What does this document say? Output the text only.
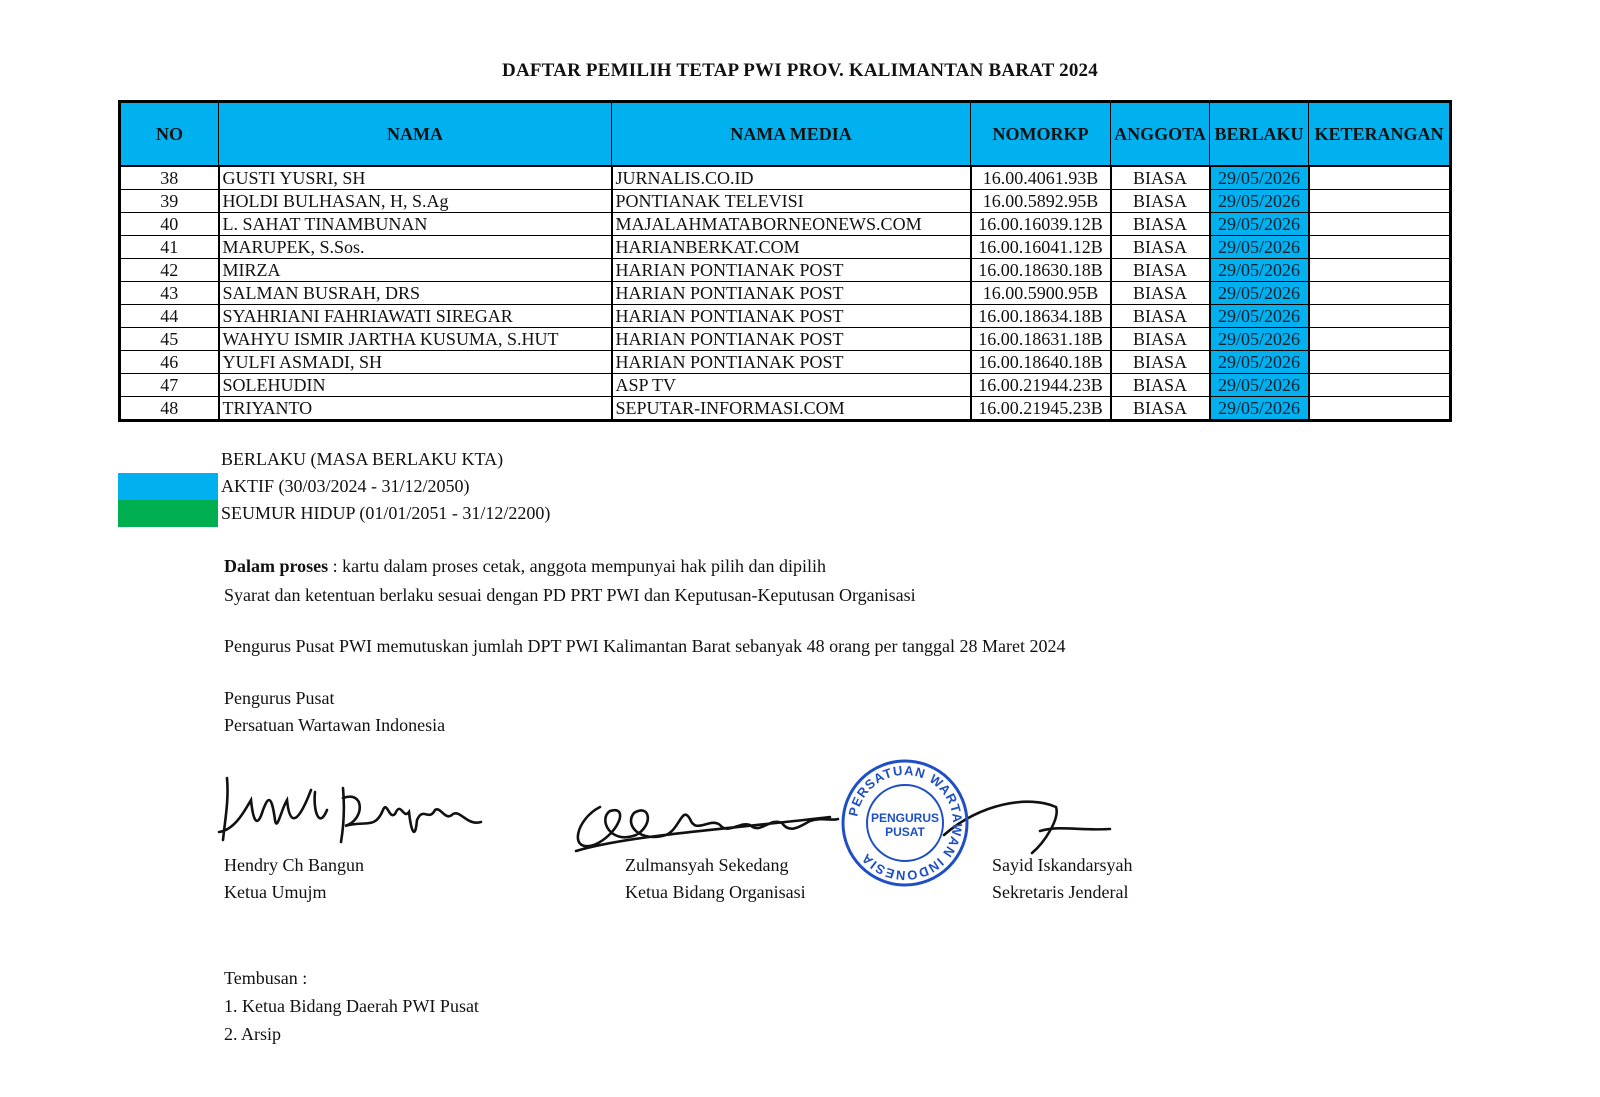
DAFTAR PEMILIH TETAP PWI PROV. KALIMANTAN BARAT 2024
NO	NAMA	NAMA MEDIA	NOMORKP	ANGGOTA	BERLAKU	KETERANGAN
38	GUSTI YUSRI, SH	JURNALIS.CO.ID	16.00.4061.93B	BIASA	29/05/2026	
39	HOLDI BULHASAN, H, S.Ag	PONTIANAK TELEVISI	16.00.5892.95B	BIASA	29/05/2026	
40	L. SAHAT TINAMBUNAN	MAJALAHMATABORNEONEWS.COM	16.00.16039.12B	BIASA	29/05/2026	
41	MARUPEK, S.Sos.	HARIANBERKAT.COM	16.00.16041.12B	BIASA	29/05/2026	
42	MIRZA	HARIAN PONTIANAK POST	16.00.18630.18B	BIASA	29/05/2026	
43	SALMAN BUSRAH, DRS	HARIAN PONTIANAK POST	16.00.5900.95B	BIASA	29/05/2026	
44	SYAHRIANI FAHRIAWATI SIREGAR	HARIAN PONTIANAK POST	16.00.18634.18B	BIASA	29/05/2026	
45	WAHYU ISMIR JARTHA KUSUMA, S.HUT	HARIAN PONTIANAK POST	16.00.18631.18B	BIASA	29/05/2026	
46	YULFI ASMADI, SH	HARIAN PONTIANAK POST	16.00.18640.18B	BIASA	29/05/2026	
47	SOLEHUDIN	ASP TV	16.00.21944.23B	BIASA	29/05/2026	
48	TRIYANTO	SEPUTAR-INFORMASI.COM	16.00.21945.23B	BIASA	29/05/2026	
BERLAKU (MASA BERLAKU KTA)
AKTIF (30/03/2024 - 31/12/2050)
SEUMUR HIDUP (01/01/2051 - 31/12/2200)

Dalam proses : kartu dalam proses cetak, anggota mempunyai hak pilih dan dipilih

Syarat dan ketentuan berlaku sesuai dengan PD PRT PWI dan Keputusan-Keputusan Organisasi

Pengurus Pusat PWI memutuskan jumlah DPT PWI Kalimantan Barat sebanyak 48 orang per tanggal 28 Maret 2024

Pengurus Pusat

Persatuan Wartawan Indonesia

PERSATUAN WARTAWAN INDONESIA
PENGURUS
PUSAT
Hendry Ch Bangun
Ketua Umujm
Zulmansyah Sekedang
Ketua Bidang Organisasi
Sayid Iskandarsyah
Sekretaris Jenderal
Tembusan :
1. Ketua Bidang Daerah PWI Pusat
2. Arsip
